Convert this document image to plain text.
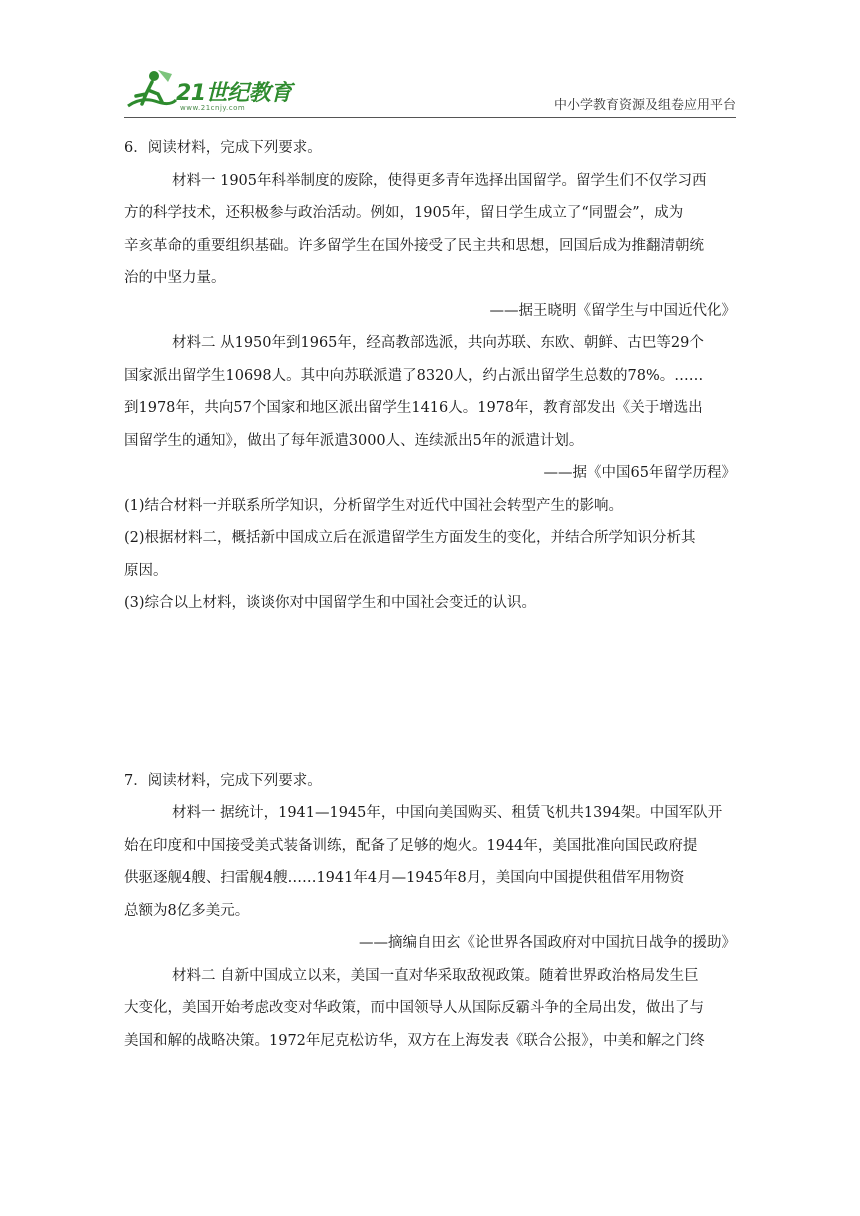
21世纪教育
www.21cnjy.com	中小学教育资源及组卷应用平台
6．阅读材料，完成下列要求。
材料一 1905年科举制度的废除，使得更多青年选择出国留学。留学生们不仅学习西
方的科学技术，还积极参与政治活动。例如，1905年，留日学生成立了“同盟会”，成为
辛亥革命的重要组织基础。许多留学生在国外接受了民主共和思想，回国后成为推翻清朝统
治的中坚力量。
——据王晓明《留学生与中国近代化》
材料二 从1950年到1965年，经高教部选派，共向苏联、东欧、朝鲜、古巴等29个
国家派出留学生10698人。其中向苏联派遣了8320人，约占派出留学生总数的78%。……
到1978年，共向57个国家和地区派出留学生1416人。1978年，教育部发出《关于增选出
国留学生的通知》，做出了每年派遣3000人、连续派出5年的派遣计划。
——据《中国65年留学历程》
(1)结合材料一并联系所学知识，分析留学生对近代中国社会转型产生的影响。
(2)根据材料二，概括新中国成立后在派遣留学生方面发生的变化，并结合所学知识分析其
原因。
(3)综合以上材料，谈谈你对中国留学生和中国社会变迁的认识。
7．阅读材料，完成下列要求。
材料一 据统计，1941—1945年，中国向美国购买、租赁飞机共1394架。中国军队开
始在印度和中国接受美式装备训练，配备了足够的炮火。1944年，美国批准向国民政府提
供驱逐舰4艘、扫雷舰4艘……1941年4月—1945年8月，美国向中国提供租借军用物资
总额为8亿多美元。
——摘编自田玄《论世界各国政府对中国抗日战争的援助》
材料二 自新中国成立以来，美国一直对华采取敌视政策。随着世界政治格局发生巨
大变化，美国开始考虑改变对华政策，而中国领导人从国际反霸斗争的全局出发，做出了与
美国和解的战略决策。1972年尼克松访华，双方在上海发表《联合公报》，中美和解之门终
